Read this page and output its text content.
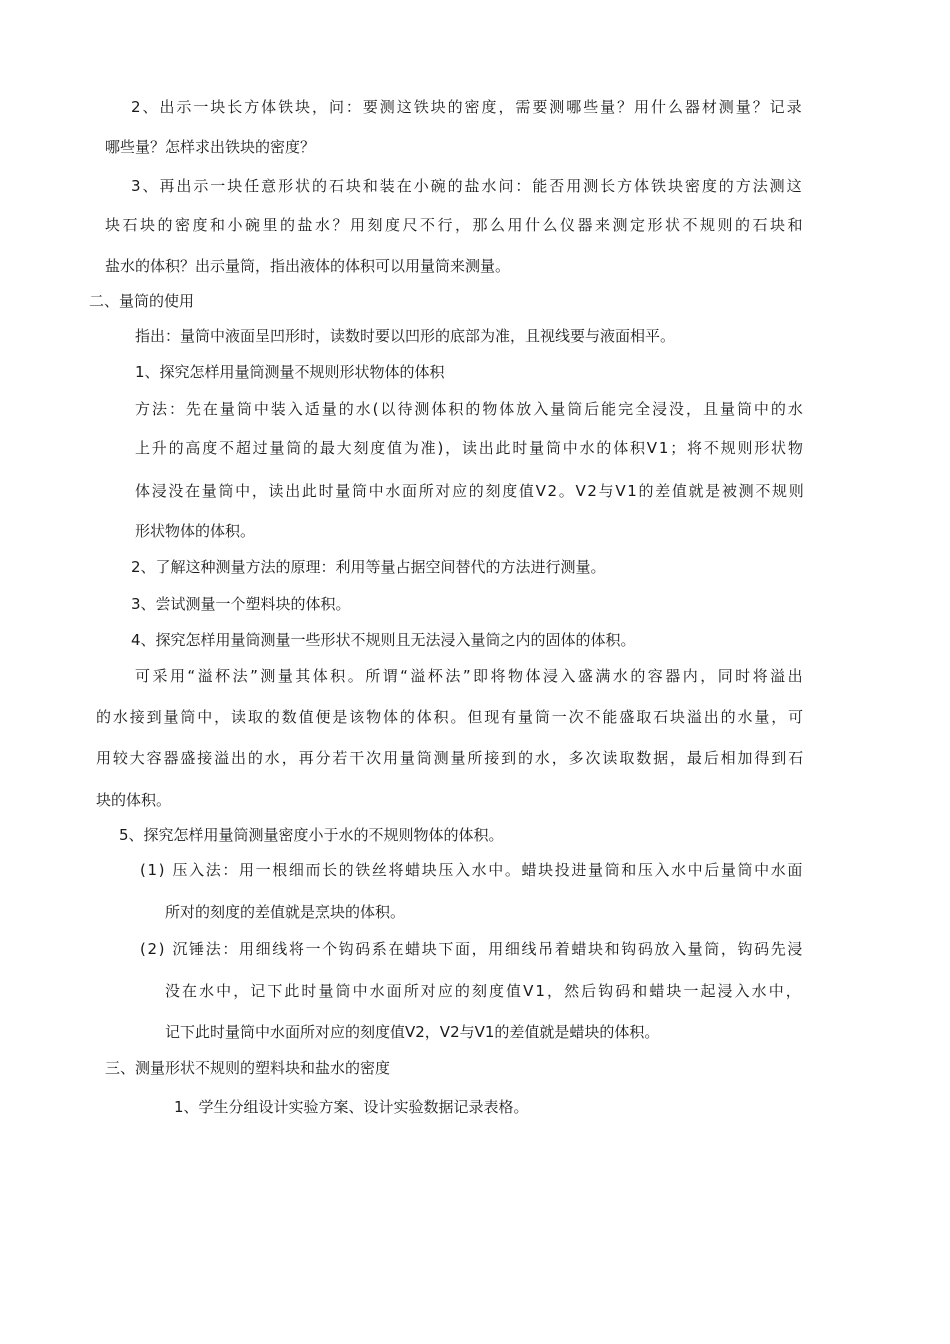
2、出示一块长方体铁块，问：要测这铁块的密度，需要测哪些量？用什么器材测量？记录
哪些量？怎样求出铁块的密度？
3、再出示一块任意形状的石块和装在小碗的盐水问：能否用测长方体铁块密度的方法测这
块石块的密度和小碗里的盐水？用刻度尺不行，那么用什么仪器来测定形状不规则的石块和
盐水的体积？出示量筒，指出液体的体积可以用量筒来测量。
二、量筒的使用
指出：量筒中液面呈凹形时，读数时要以凹形的底部为准，且视线要与液面相平。
1、探究怎样用量筒测量不规则形状物体的体积
方法：先在量筒中装入适量的水(以待测体积的物体放入量筒后能完全浸没，且量筒中的水
上升的高度不超过量筒的最大刻度值为准)，读出此时量筒中水的体积V1；将不规则形状物
体浸没在量筒中，读出此时量筒中水面所对应的刻度值V2。V2与V1的差值就是被测不规则
形状物体的体积。
2、了解这种测量方法的原理：利用等量占据空间替代的方法进行测量。
3、尝试测量一个塑料块的体积。
4、探究怎样用量筒测量一些形状不规则且无法浸入量筒之内的固体的体积。
可采用“溢杯法”测量其体积。所谓“溢杯法”即将物体浸入盛满水的容器内，同时将溢出
的水接到量筒中，读取的数值便是该物体的体积。但现有量筒一次不能盛取石块溢出的水量，可
用较大容器盛接溢出的水，再分若干次用量筒测量所接到的水，多次读取数据，最后相加得到石
块的体积。
5、探究怎样用量筒测量密度小于水的不规则物体的体积。
(1) 压入法：用一根细而长的铁丝将蜡块压入水中。蜡块投进量筒和压入水中后量筒中水面
所对的刻度的差值就是烹块的体积。
(2) 沉锤法：用细线将一个钩码系在蜡块下面，用细线吊着蜡块和钩码放入量筒，钩码先浸
没在水中，记下此时量筒中水面所对应的刻度值V1，然后钩码和蜡块一起浸入水中，
记下此时量筒中水面所对应的刻度值V2，V2与V1的差值就是蜡块的体积。
三、测量形状不规则的塑料块和盐水的密度
1、学生分组设计实验方案、设计实验数据记录表格。
